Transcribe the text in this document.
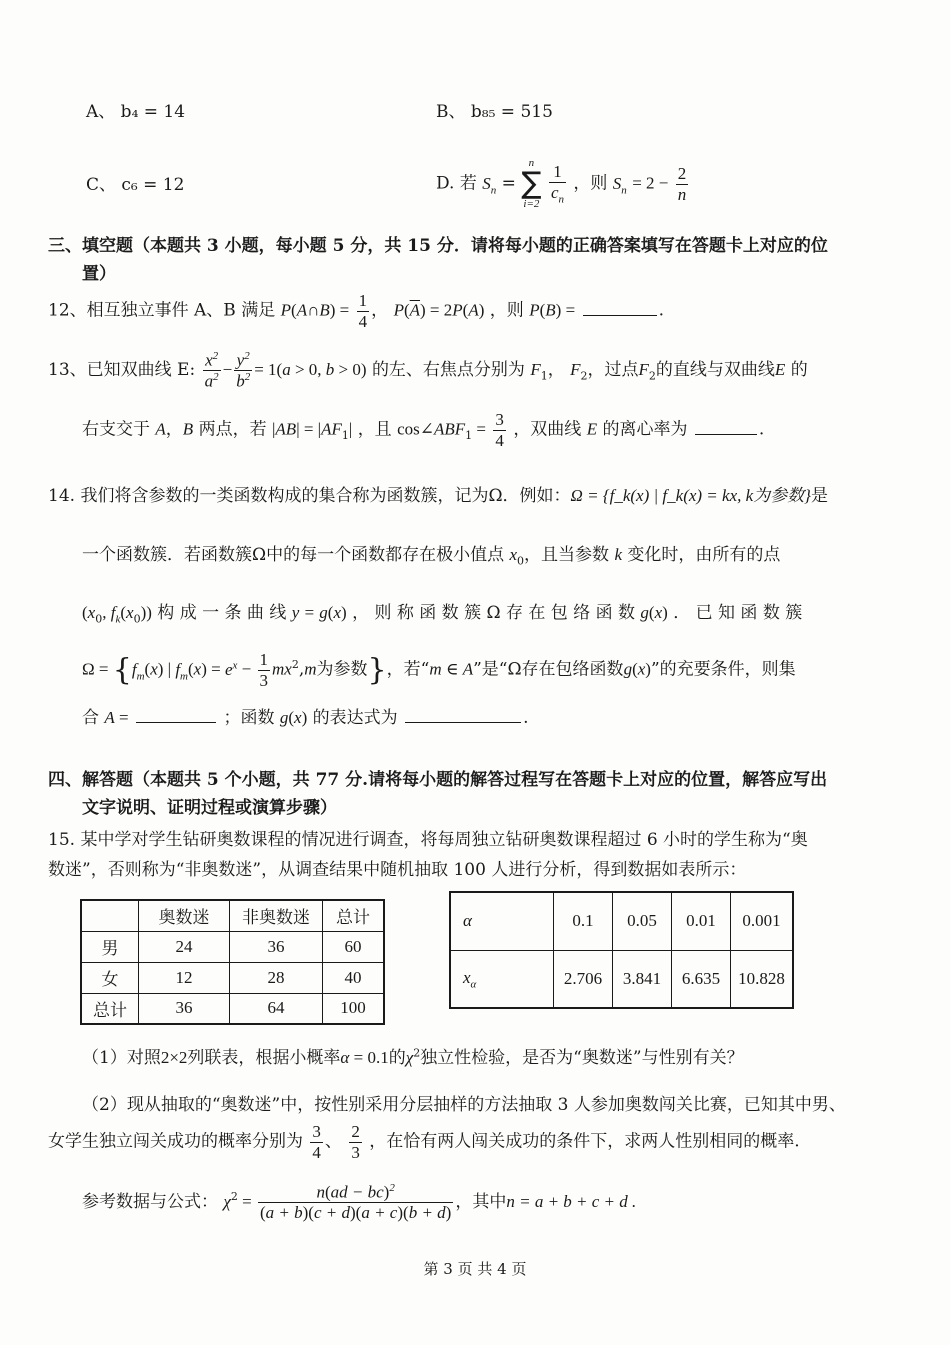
A、 b₄ = 14	B、 b₈₅ = 515
C、 c₆ = 12	D. 若 $S_n = n$
∑
$i=2 \frac{1}{c_n}$ ，则 $S_n = 2 - \frac{2}{n}$
三、填空题（本题共 3 小题，每小题 5 分，共 15 分．请将每小题的正确答案填写在答题卡上对应的位
置）
12、相互独立事件 A、B 满足 P(A∩B) = $\frac{1}{4}$ ， $P(\overline{A}) = 2P(A)$ ，则 P(B) =	.
13、已知双曲线 E: $\frac{x^2}{a^2} - \frac{y^2}{b^2} = 1(a > 0$, b > 0) 的左、右焦点分别为 $F_1$， $F_2$，过点$F_2$的直线与双曲线E 的
右支交于 A，B 两点，若 $|AB| = |AF_1|$ ，且 $\cos\angle ABF_1 = \frac{3}{4}$ ，双曲线 E 的离心率为	.
14. 我们将含参数的一类函数构成的集合称为函数簇，记为Ω．例如：Ω = {f_k(x) | f_k(x) = kx, k为参数}是
一个函数簇．若函数簇Ω中的每一个函数都存在极小值点 $x_0$，且当参数 k 变化时，由所有的点
($x_0$, $f_k(x_0)$) 构 成 一 条 曲 线 y = g(x) ， 则 称 函 数 簇 Ω 存 在 包 络 函 数 g(x) ． 已 知 函 数 簇
$\Omega = \{f_m(x)$ | $f_m(x) = e^x - \frac{1}{3} mx^2,m$为参数}，若“m ∈ A”是“Ω存在包络函数g(x)”的充要条件，则集
合 A =	；函数 g(x) 的表达式为	.
四、解答题（本题共 5 个小题，共 77 分.请将每小题的解答过程写在答题卡上对应的位置，解答应写出
文字说明、证明过程或演算步骤）
15. 某中学对学生钻研奥数课程的情况进行调查，将每周独立钻研奥数课程超过 6 小时的学生称为“奥
数迷”，否则称为“非奥数迷”，从调查结果中随机抽取 100 人进行分析，得到数据如表所示：
	奥数迷	非奥数迷	总计
男	24	36	60
女	12	28	40
总计	36	64	100
α	0.1	0.05	0.01	0.001
$x_\alpha$	2.706	3.841	6.635	10.828
（1）对照2×2列联表，根据小概率α = 0.1的$\chi^2$独立性检验，是否为“奥数迷”与性别有关？
（2）现从抽取的“奥数迷”中，按性别采用分层抽样的方法抽取 3 人参加奥数闯关比赛，已知其中男、
女学生独立闯关成功的概率分别为 $\frac{3}{4}$ 、 $\frac{2}{3}$ ，在恰有两人闯关成功的条件下，求两人性别相同的概率.
参考数据与公式： $\chi^2 = \frac{n(ad - bc)^2}{(a + b)(c + d)(a + c)(b + d)}$ ，其中n = a + b + c + d .
第 3 页 共 4 页
